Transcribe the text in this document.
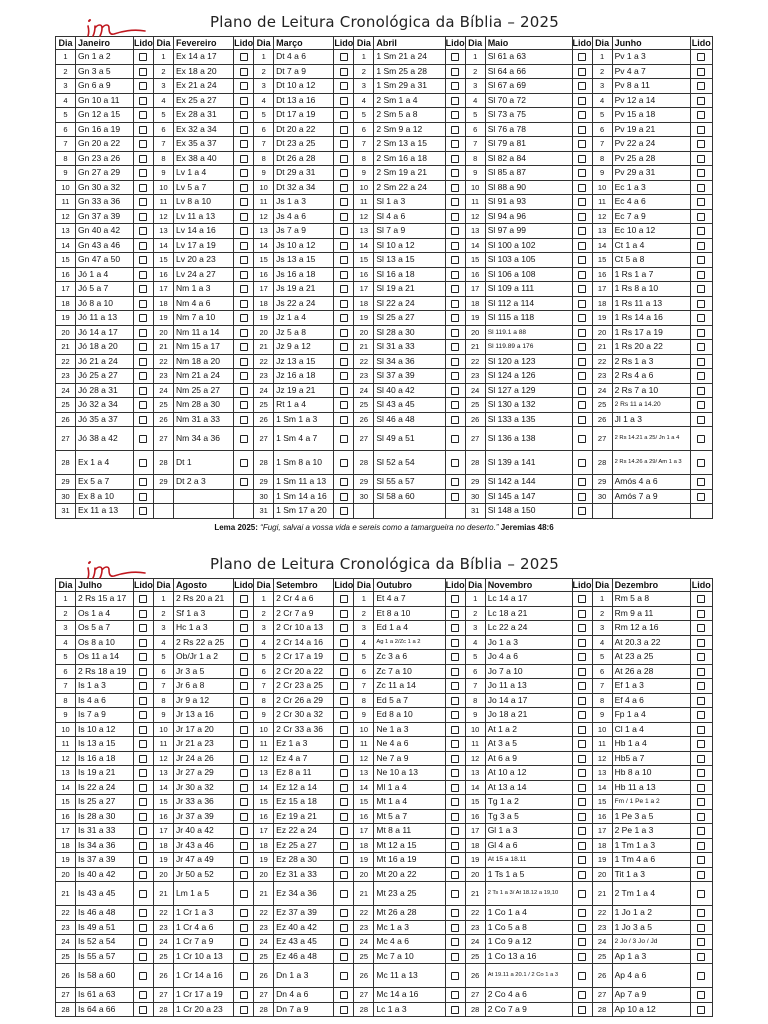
Plano de Leitura Cronológica da Bíblia – 2025
Dia	Janeiro	Lido	Dia	Fevereiro	Lido	Dia	Março	Lido	Dia	Abril	Lido	Dia	Maio	Lido	Dia	Junho	Lido
1	Gn 1 a 2		1	Ex 14 a 17		1	Dt 4 a 6		1	1 Sm 21 a 24		1	Sl 61 a 63		1	Pv 1 a 3	
2	Gn 3 a 5		2	Ex 18 a 20		2	Dt 7 a 9		2	1 Sm 25 a 28		2	Sl 64 a 66		2	Pv 4 a 7	
3	Gn 6 a 9		3	Ex 21 a 24		3	Dt 10 a 12		3	1 Sm 29 a 31		3	Sl 67 a 69		3	Pv 8 a 11	
4	Gn 10 a 11		4	Ex 25 a 27		4	Dt 13 a 16		4	2 Sm 1 a 4		4	Sl 70 a 72		4	Pv 12 a 14	
5	Gn 12 a 15		5	Ex 28 a 31		5	Dt 17 a 19		5	2 Sm 5 a 8		5	Sl 73 a 75		5	Pv 15 a 18	
6	Gn 16 a 19		6	Ex 32 a 34		6	Dt 20 a 22		6	2 Sm 9 a 12		6	Sl 76 a 78		6	Pv 19 a 21	
7	Gn 20 a 22		7	Ex 35 a 37		7	Dt 23 a 25		7	2 Sm 13 a 15		7	Sl 79 a 81		7	Pv 22 a 24	
8	Gn 23 a 26		8	Ex 38 a 40		8	Dt 26 a 28		8	2 Sm 16 a 18		8	Sl 82 a 84		8	Pv 25 a 28	
9	Gn 27 a 29		9	Lv 1 a 4		9	Dt 29 a 31		9	2 Sm 19 a 21		9	Sl 85 a 87		9	Pv 29 a 31	
10	Gn 30 a 32		10	Lv 5 a 7		10	Dt 32 a 34		10	2 Sm 22 a 24		10	Sl 88 a 90		10	Ec 1 a 3	
11	Gn 33 a 36		11	Lv 8 a 10		11	Js 1 a 3		11	Sl 1 a 3		11	Sl 91 a 93		11	Ec 4 a 6	
12	Gn 37 a 39		12	Lv 11 a 13		12	Js 4 a 6		12	Sl 4 a 6		12	Sl 94 a 96		12	Ec 7 a 9	
13	Gn 40 a 42		13	Lv 14 a 16		13	Js 7 a 9		13	Sl 7 a 9		13	Sl 97 a 99		13	Ec 10 a 12	
14	Gn 43 a 46		14	Lv 17 a 19		14	Js 10 a 12		14	Sl 10 a 12		14	Sl 100 a 102		14	Ct 1 a 4	
15	Gn 47 a 50		15	Lv 20 a 23		15	Js 13 a 15		15	Sl 13 a 15		15	Sl 103 a 105		15	Ct 5 a 8	
16	Jó 1 a 4		16	Lv 24 a 27		16	Js 16 a 18		16	Sl 16 a 18		16	Sl 106 a 108		16	1 Rs 1 a 7	
17	Jó 5 a 7		17	Nm 1 a 3		17	Js 19 a 21		17	Sl 19 a 21		17	Sl 109 a 111		17	1 Rs 8 a 10	
18	Jó 8 a 10		18	Nm 4 a 6		18	Js 22 a 24		18	Sl 22 a 24		18	Sl 112 a 114		18	1 Rs 11 a 13	
19	Jó 11 a 13		19	Nm 7 a 10		19	Jz 1 a 4		19	Sl 25 a 27		19	Sl 115 a 118		19	1 Rs 14 a 16	
20	Jó 14 a 17		20	Nm 11 a 14		20	Jz 5 a 8		20	Sl 28 a 30		20	Sl 119.1 a 88		20	1 Rs 17 a 19	
21	Jó 18 a 20		21	Nm 15 a 17		21	Jz 9 a 12		21	Sl 31 a 33		21	Sl 119.89 a 176		21	1 Rs 20 a 22	
22	Jó 21 a 24		22	Nm 18 a 20		22	Jz 13 a 15		22	Sl 34 a 36		22	Sl 120 a 123		22	2 Rs 1 a 3	
23	Jó 25 a 27		23	Nm 21 a 24		23	Jz 16 a 18		23	Sl 37 a 39		23	Sl 124 a 126		23	2 Rs 4 a 6	
24	Jó 28 a 31		24	Nm 25 a 27		24	Jz 19 a 21		24	Sl 40 a 42		24	Sl 127 a 129		24	2 Rs 7 a 10	
25	Jó 32 a 34		25	Nm 28 a 30		25	Rt 1 a 4		25	Sl 43 a 45		25	Sl 130 a 132		25	2 Rs 11 a 14.20	
26	Jó 35 a 37		26	Nm 31 a 33		26	1 Sm 1 a 3		26	Sl 46 a 48		26	Sl 133 a 135		26	Jl 1 a 3	
27	Jó 38 a 42		27	Nm 34 a 36		27	1 Sm 4 a 7		27	Sl 49 a 51		27	Sl 136 a 138		27	2 Rs 14.21 a 25/ Jn 1 a 4	
28	Ex 1 a 4		28	Dt 1		28	1 Sm 8 a 10		28	Sl 52 a 54		28	Sl 139 a 141		28	2 Rs 14.26 a 29/ Am 1 a 3	
29	Ex 5 a 7		29	Dt 2 a 3		29	1 Sm 11 a 13		29	Sl 55 a 57		29	Sl 142 a 144		29	Amós 4 a 6	
30	Ex 8 a 10					30	1 Sm 14 a 16		30	Sl 58 a 60		30	Sl 145 a 147		30	Amós 7 a 9	
31	Ex 11 a 13					31	1 Sm 17 a 20					31	Sl 148 a 150				
Lema 2025: “Fugi, salvai a vossa vida e sereis como a tamargueira no deserto.” Jeremias 48:6
Plano de Leitura Cronológica da Bíblia – 2025
Dia	Julho	Lido	Dia	Agosto	Lido	Dia	Setembro	Lido	Dia	Outubro	Lido	Dia	Novembro	Lido	Dia	Dezembro	Lido
1	2 Rs 15 a 17		1	2 Rs 20 a 21		1	2 Cr 4 a 6		1	Et 4 a 7		1	Lc 14 a 17		1	Rm 5 a 8	
2	Os 1 a 4		2	Sf 1 a 3		2	2 Cr 7 a 9		2	Et 8 a 10		2	Lc 18 a 21		2	Rm 9 a 11	
3	Os 5 a 7		3	Hc 1 a 3		3	2 Cr 10 a 13		3	Ed 1 a 4		3	Lc 22 a 24		3	Rm 12 a 16	
4	Os 8 a 10		4	2 Rs 22 a 25		4	2 Cr 14 a 16		4	Ag 1 a 2/Zc 1 a 2		4	Jo 1 a 3		4	At 20.3 a 22	
5	Os 11 a 14		5	Ob/Jr 1 a 2		5	2 Cr 17 a 19		5	Zc 3 a 6		5	Jo 4 a 6		5	At 23 a 25	
6	2 Rs 18 a 19		6	Jr 3 a 5		6	2 Cr 20 a 22		6	Zc 7 a 10		6	Jo 7 a 10		6	At 26 a 28	
7	Is 1 a 3		7	Jr 6 a 8		7	2 Cr 23 a 25		7	Zc 11 a 14		7	Jo 11 a 13		7	Ef 1 a 3	
8	Is 4 a 6		8	Jr 9 a 12		8	2 Cr 26 a 29		8	Ed 5 a 7		8	Jo 14 a 17		8	Ef 4 a 6	
9	Is 7 a 9		9	Jr 13 a 16		9	2 Cr 30 a 32		9	Ed 8 a 10		9	Jo 18 a 21		9	Fp 1 a 4	
10	Is 10 a 12		10	Jr 17 a 20		10	2 Cr 33 a 36		10	Ne 1 a 3		10	At 1 a 2		10	Cl 1 a 4	
11	Is 13 a 15		11	Jr 21 a 23		11	Ez 1 a 3		11	Ne 4 a 6		11	At 3 a 5		11	Hb 1 a 4	
12	Is 16 a 18		12	Jr 24 a 26		12	Ez 4 a 7		12	Ne 7 a 9		12	At 6 a 9		12	Hb5 a 7	
13	Is 19 a 21		13	Jr 27 a 29		13	Ez 8 a 11		13	Ne 10 a 13		13	At 10 a 12		13	Hb 8 a 10	
14	Is 22 a 24		14	Jr 30 a 32		14	Ez 12 a 14		14	Ml 1 a 4		14	At 13 a 14		14	Hb 11 a 13	
15	Is 25 a 27		15	Jr 33 a 36		15	Ez 15 a 18		15	Mt 1 a 4		15	Tg 1 a 2		15	Fm / 1 Pe 1 a 2	
16	Is 28 a 30		16	Jr 37 a 39		16	Ez 19 a 21		16	Mt 5 a 7		16	Tg 3 a 5		16	1 Pe 3 a 5	
17	Is 31 a 33		17	Jr 40 a 42		17	Ez 22 a 24		17	Mt 8 a 11		17	Gl 1 a 3		17	2 Pe 1 a 3	
18	Is 34 a 36		18	Jr 43 a 46		18	Ez 25 a 27		18	Mt 12 a 15		18	Gl 4 a 6		18	1 Tm 1 a 3	
19	Is 37 a 39		19	Jr 47 a 49		19	Ez 28 a 30		19	Mt 16 a 19		19	At 15 a 18.11		19	1 Tm 4 a 6	
20	Is 40 a 42		20	Jr 50 a 52		20	Ez 31 a 33		20	Mt 20 a 22		20	1 Ts 1 a 5		20	Tit 1 a 3	
21	Is 43 a 45		21	Lm 1 a 5		21	Ez 34 a 36		21	Mt 23 a 25		21	2 Ts 1 a 3/ At 18.12 a 19,10		21	2 Tm 1 a 4	
22	Is 46 a 48		22	1 Cr 1 a 3		22	Ez 37 a 39		22	Mt 26 a 28		22	1 Co 1 a 4		22	1 Jo 1 a 2	
23	Is 49 a 51		23	1 Cr 4 a 6		23	Ez 40 a 42		23	Mc 1 a 3		23	1 Co 5 a 8		23	1 Jo 3 a 5	
24	Is 52 a 54		24	1 Cr 7 a 9		24	Ez 43 a 45		24	Mc 4 a 6		24	1 Co 9 a 12		24	2 Jo / 3 Jo / Jd	
25	Is 55 a 57		25	1 Cr 10 a 13		25	Ez 46 a 48		25	Mc 7 a 10		25	1 Co 13 a 16		25	Ap 1 a 3	
26	Is 58 a 60		26	1 Cr 14 a 16		26	Dn 1 a 3		26	Mc 11 a 13		26	At 19.11 a 20.1 / 2 Co 1 a 3		26	Ap 4 a 6	
27	Is 61 a 63		27	1 Cr 17 a 19		27	Dn 4 a 6		27	Mc 14 a 16		27	2 Co 4 a 6		27	Ap 7 a 9	
28	Is 64 a 66		28	1 Cr 20 a 23		28	Dn 7 a 9		28	Lc 1 a 3		28	2 Co 7 a 9		28	Ap 10 a 12	
